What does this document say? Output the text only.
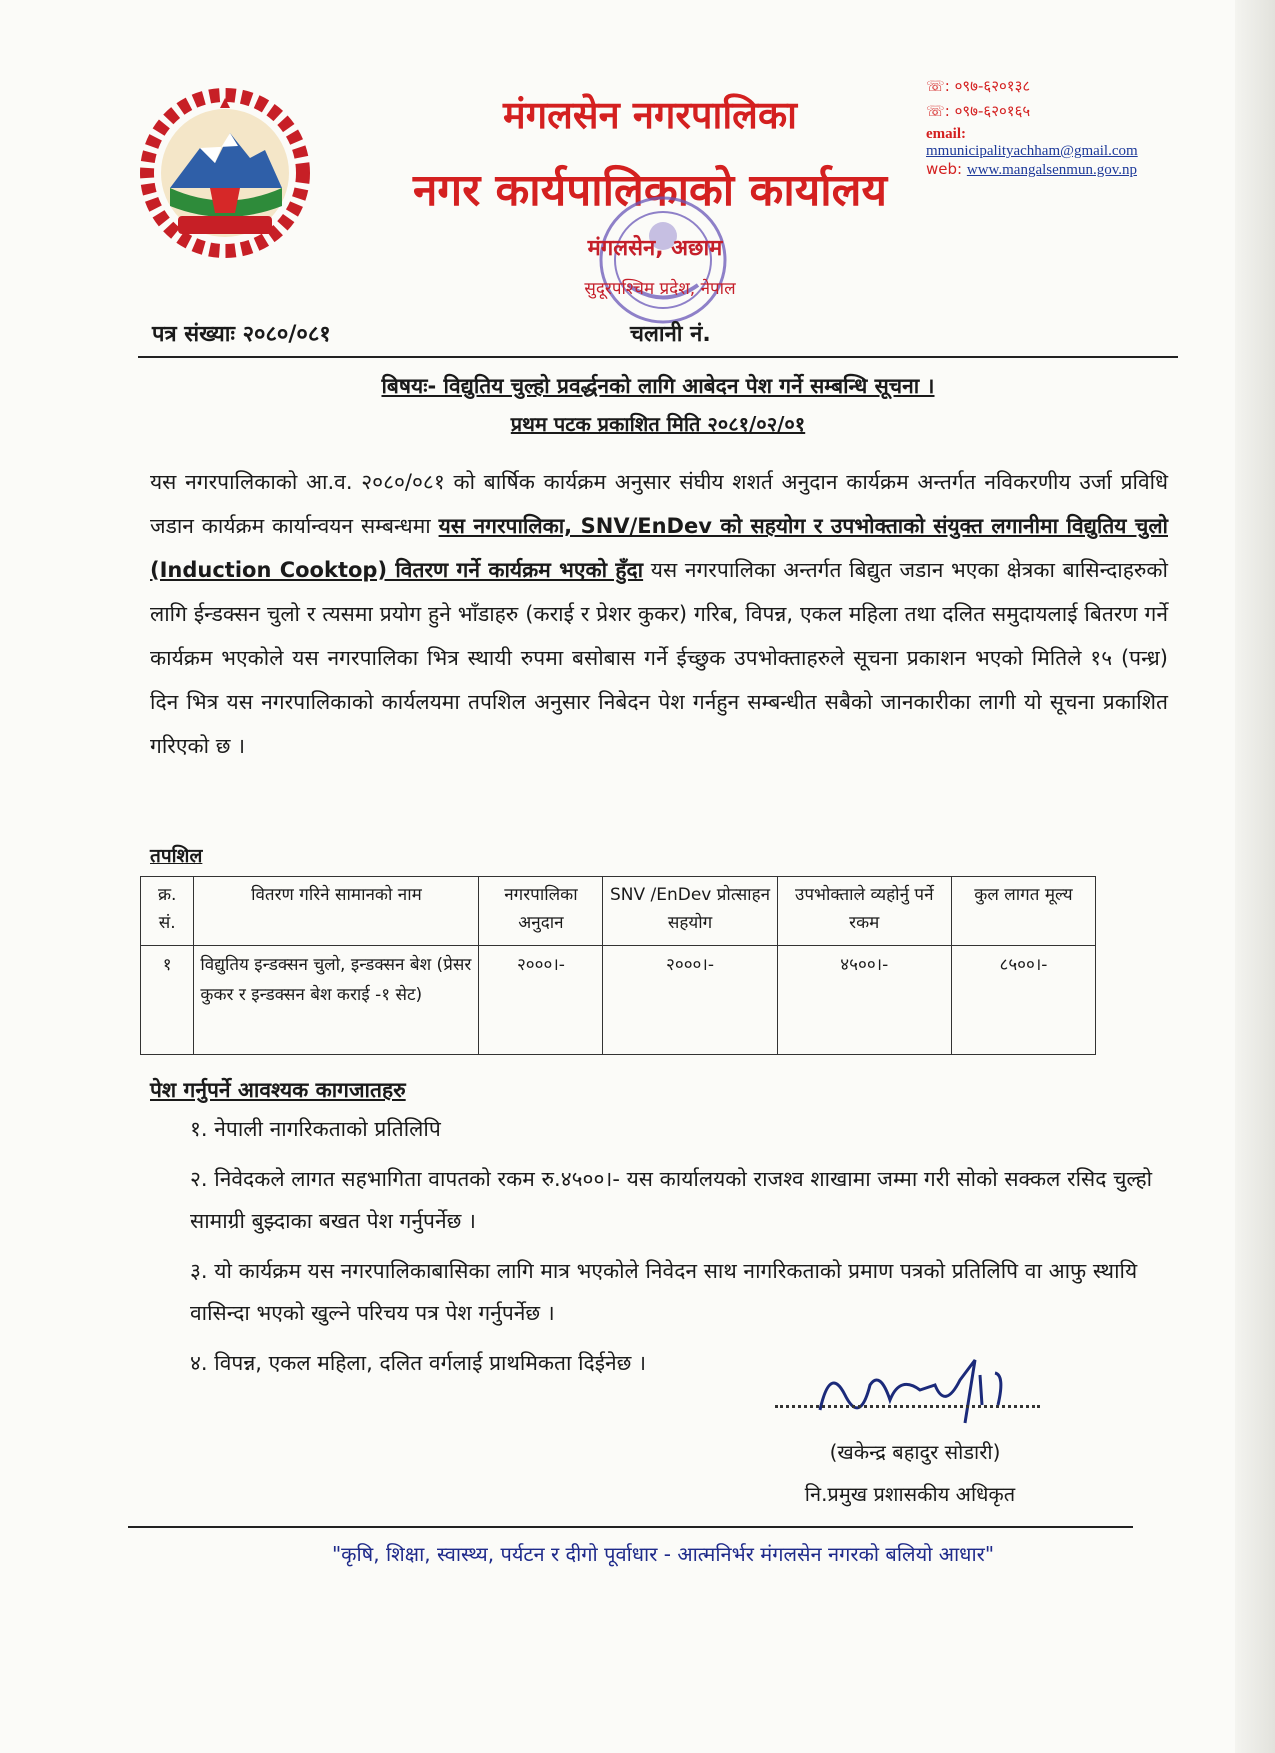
मंगलसेन नगरपालिका
नगर कार्यपालिकाको कार्यालय
मंगलसेन, अछाम
सुदूरपश्चिम प्रदेश, नेपाल
☏: ०९७-६२०१३८
☏: ०९७-६२०१६५
email:
mmunicipalityachham@gmail.com
web: www.mangalsenmun.gov.np
पत्र संख्याः २०८०/०८१	चलानी नं.
बिषयः- विद्युतिय चुल्हो प्रवर्द्धनको लागि आबेदन पेश गर्ने सम्बन्धि सूचना ।
प्रथम पटक प्रकाशित मिति २०८१/०२/०१
यस नगरपालिकाको आ.व. २०८०/०८१ को बार्षिक कार्यक्रम अनुसार संघीय शशर्त अनुदान कार्यक्रम अन्तर्गत नविकरणीय उर्जा प्रविधि जडान कार्यक्रम कार्यान्वयन सम्बन्धमा यस नगरपालिका, SNV/EnDev को सहयोग र उपभोक्ताको संयुक्त लगानीमा विद्युतिय चुलो (Induction Cooktop) वितरण गर्ने कार्यक्रम भएको हुँदा यस नगरपालिका अन्तर्गत बिद्युत जडान भएका क्षेत्रका बासिन्दाहरुको लागि ईन्डक्सन चुलो र त्यसमा प्रयोग हुने भाँडाहरु (कराई र प्रेशर कुकर) गरिब, विपन्न, एकल महिला तथा दलित समुदायलाई बितरण गर्ने कार्यक्रम भएकोले यस नगरपालिका भित्र स्थायी रुपमा बसोबास गर्ने ईच्छुक उपभोक्ताहरुले सूचना प्रकाशन भएको मितिले १५ (पन्ध्र) दिन भित्र यस नगरपालिकाको कार्यलयमा तपशिल अनुसार निबेदन पेश गर्नहुन सम्बन्धीत सबैको जानकारीका लागी यो सूचना प्रकाशित गरिएको छ ।
तपशिल
क्र. सं.	वितरण गरिने सामानको नाम	नगरपालिका अनुदान	SNV /EnDev प्रोत्साहन सहयोग	उपभोक्ताले व्यहोर्नु पर्ने रकम	कुल लागत मूल्य
१	विद्युतिय इन्डक्सन चुलो, इन्डक्सन बेश (प्रेसर कुकर र इन्डक्सन बेश कराई -१ सेट)	२०००।-	२०००।-	४५००।-	८५००।-
पेश गर्नुपर्ने आवश्यक कागजातहरु
१. नेपाली नागरिकताको प्रतिलिपि
२. निवेदकले लागत सहभागिता वापतको रकम रु.४५००।- यस कार्यालयको राजश्व शाखामा जम्मा गरी सोको सक्कल रसिद चुल्हो सामाग्री बुझ्दाका बखत पेश गर्नुपर्नेछ ।
३. यो कार्यक्रम यस नगरपालिकाबासिका लागि मात्र भएकोले निवेदन साथ नागरिकताको प्रमाण पत्रको प्रतिलिपि वा आफु स्थायि वासिन्दा भएको खुल्ने परिचय पत्र पेश गर्नुपर्नेछ ।
४. विपन्न, एकल महिला, दलित वर्गलाई प्राथमिकता दिईनेछ ।
(खकेन्द्र बहादुर सोडारी)
नि.प्रमुख प्रशासकीय अधिकृत
"कृषि, शिक्षा, स्वास्थ्य, पर्यटन र दीगो पूर्वाधार - आत्मनिर्भर मंगलसेन नगरको बलियो आधार"
